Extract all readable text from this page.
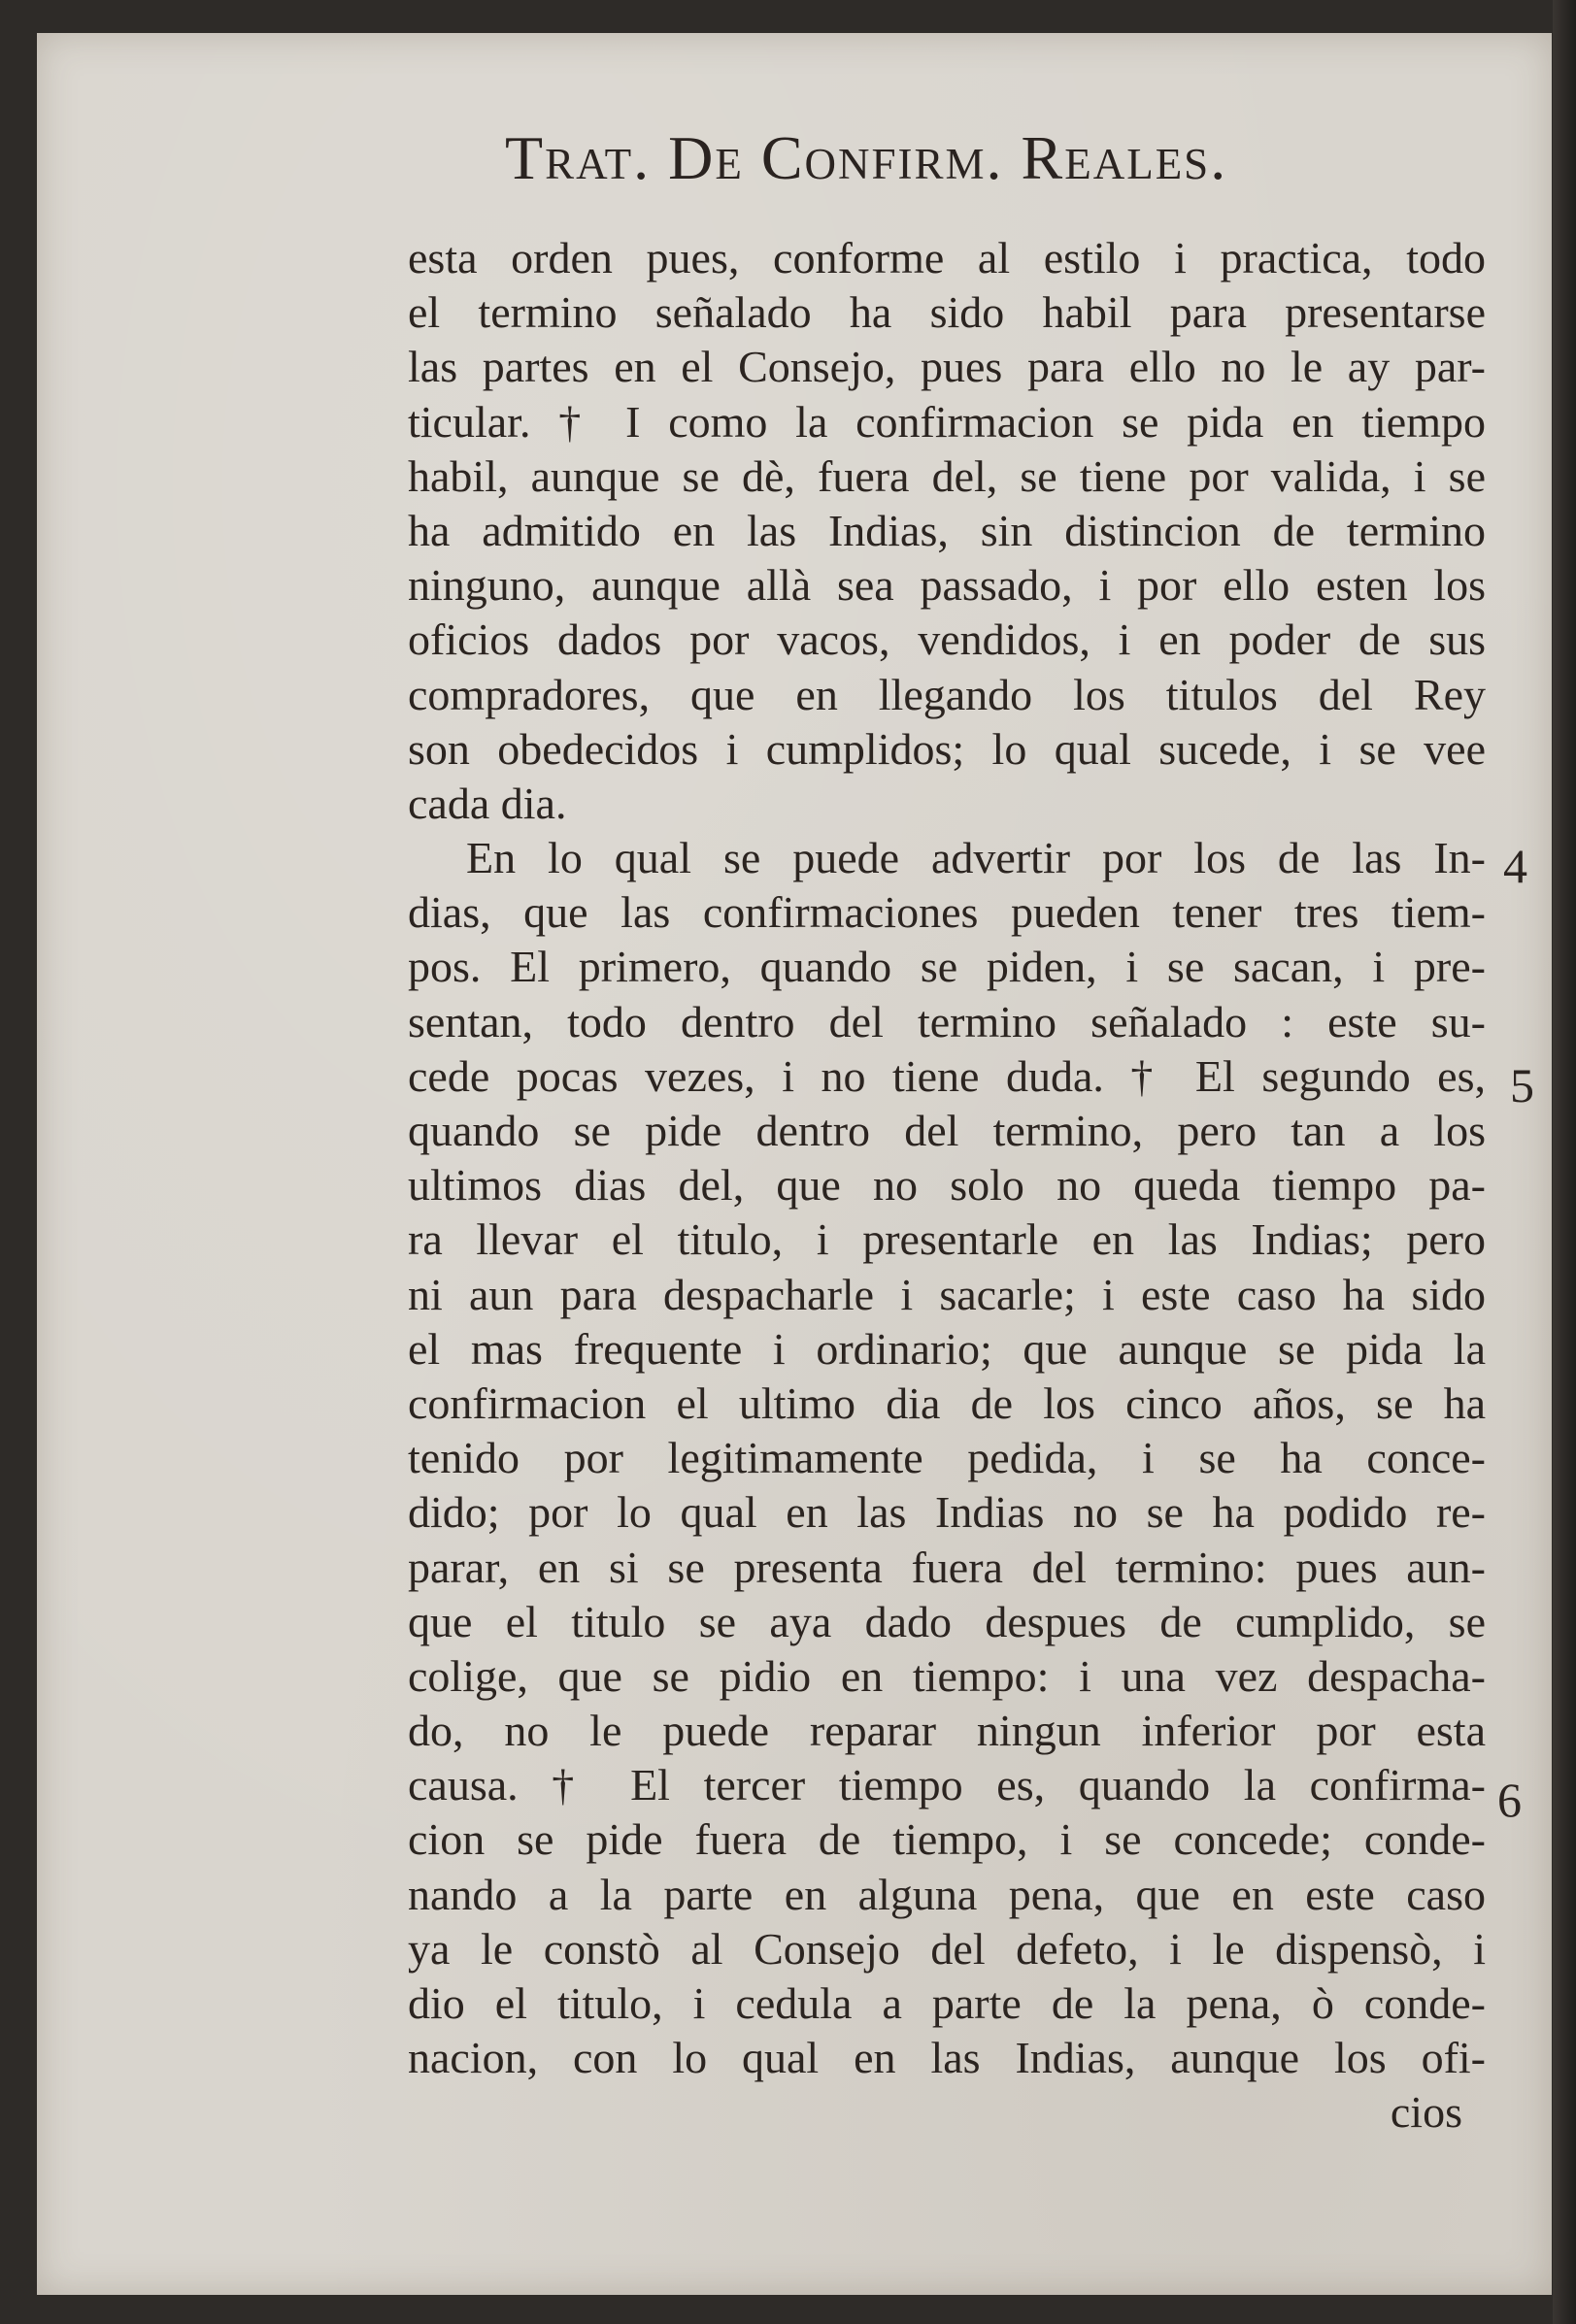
Trat. De Confirm. Reales.
esta orden pues, conforme al estilo i practica, todo
el termino señalado ha sido habil para presentarse
las partes en el Consejo, pues para ello no le ay par-
ticular. † I como la confirmacion se pida en tiempo
habil, aunque se dè, fuera del, se tiene por valida, i se
ha admitido en las Indias, sin distincion de termino
ninguno, aunque allà sea passado, i por ello esten los
oficios dados por vacos, vendidos, i en poder de sus
compradores, que en llegando los titulos del Rey
son obedecidos i cumplidos; lo qual sucede, i se vee
cada dia.
En lo qual se puede advertir por los de las In-
dias, que las confirmaciones pueden tener tres tiem-
pos. El primero, quando se piden, i se sacan, i pre-
sentan, todo dentro del termino señalado : este su-
cede pocas vezes, i no tiene duda. † El segundo es,
quando se pide dentro del termino, pero tan a los
ultimos dias del, que no solo no queda tiempo pa-
ra llevar el titulo, i presentarle en las Indias; pero
ni aun para despacharle i sacarle; i este caso ha sido
el mas frequente i ordinario; que aunque se pida la
confirmacion el ultimo dia de los cinco años, se ha
tenido por legitimamente pedida, i se ha conce-
dido; por lo qual en las Indias no se ha podido re-
parar, en si se presenta fuera del termino: pues aun-
que el titulo se aya dado despues de cumplido, se
colige, que se pidio en tiempo: i una vez despacha-
do, no le puede reparar ningun inferior por esta
causa. † El tercer tiempo es, quando la confirma-
cion se pide fuera de tiempo, i se concede; conde-
nando a la parte en alguna pena, que en este caso
ya le constò al Consejo del defeto, i le dispensò, i
dio el titulo, i cedula a parte de la pena, ò conde-
nacion, con lo qual en las Indias, aunque los ofi-
cios
4
5
6
